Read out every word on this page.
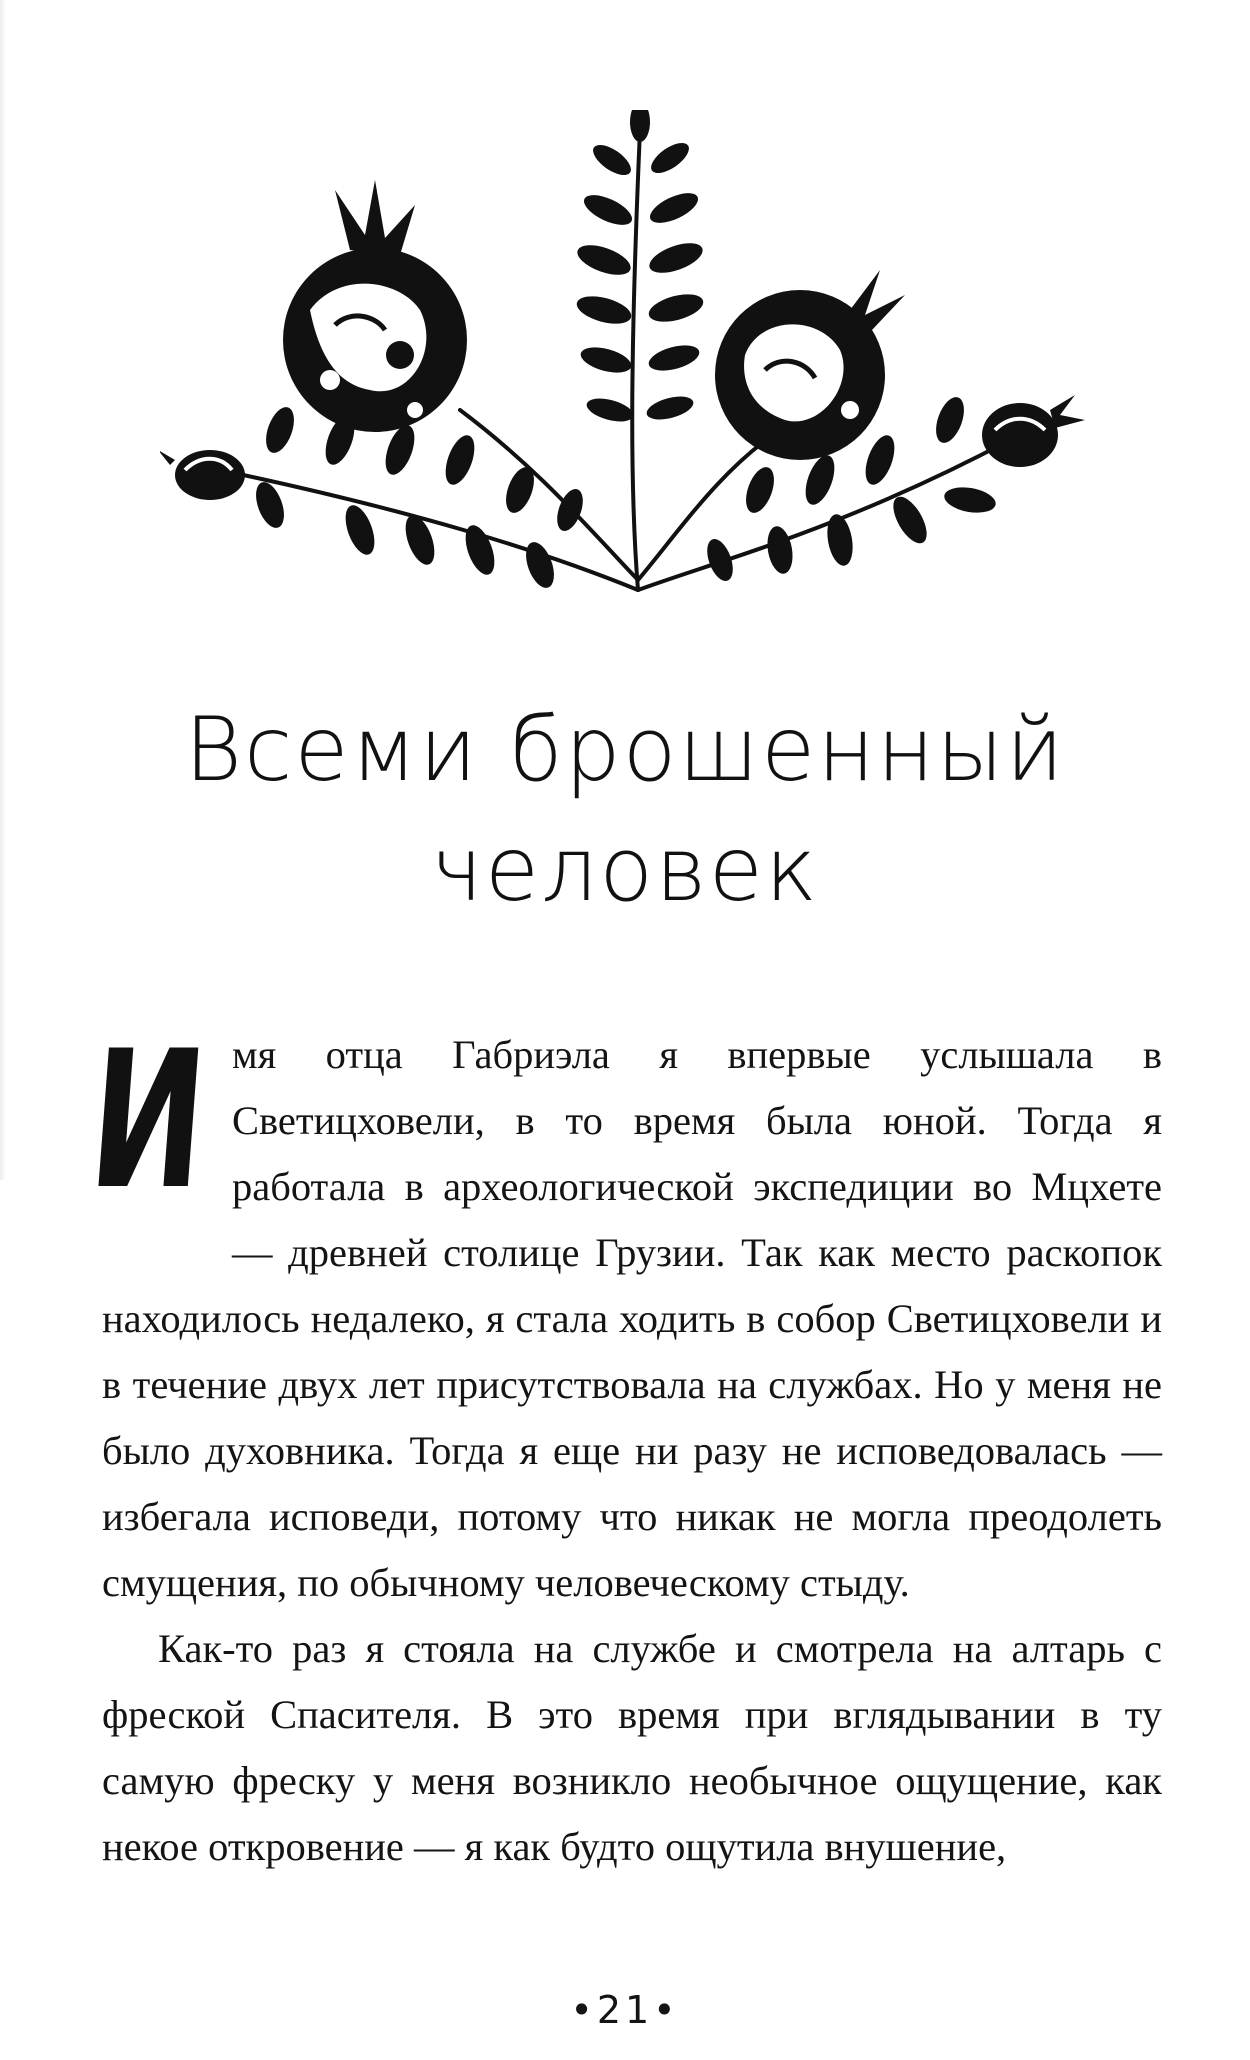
Всеми брошенный
человек
И мя отца Габриэла я впервые услышала в Светицховели, в то время была юной. Тогда я работала в археологической экспедиции во Мцхете — древней столице Грузии. Так как место раскопок находилось недалеко, я стала ходить в собор Светицховели и в течение двух лет присутствовала на службах. Но у меня не было духовника. Тогда я еще ни разу не исповедовалась — избегала исповеди, потому что никак не могла преодолеть смущения, по обычному человеческому стыду.

Как-то раз я стояла на службе и смотрела на алтарь с фреской Спасителя. В это время при вглядывании в ту самую фреску у меня возникло необычное ощущение, как некое откровение — я как будто ощутила внушение,

•21•
